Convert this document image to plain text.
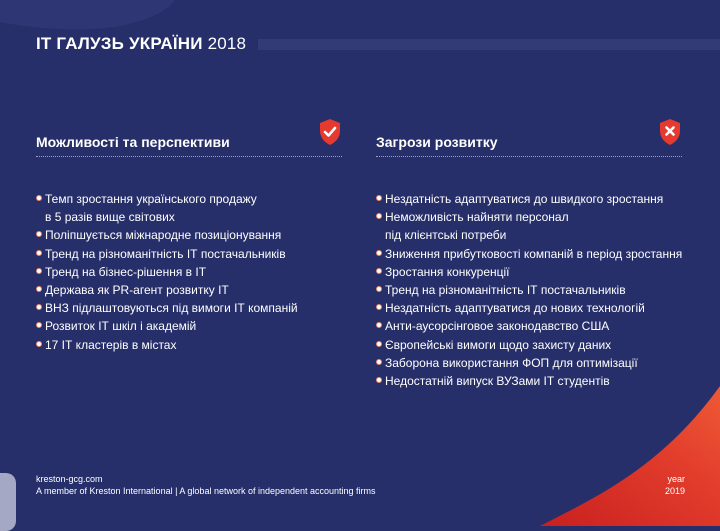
ІТ ГАЛУЗЬ УКРАЇНИ 2018
Можливості та перспективи
Темп зростання українського продажу
в 5 разів вище світових
Поліпшується міжнародне позиціонування
Тренд на різноманітність ІТ постачальників
Тренд на бізнес-рішення в ІТ
Держава як PR-агент розвитку ІТ
ВНЗ підлаштовуються під вимоги ІТ компаній
Розвиток ІТ шкіл і академій
17 ІТ кластерів в містах
Загрози розвитку
Нездатність адаптуватися до швидкого зростання
Неможливість найняти персонал
під клієнтські потреби
Зниження прибутковості компаній в період зростання
Зростання конкуренції
Тренд на різноманітність ІТ постачальників
Нездатність адаптуватися до нових технологій
Анти-аусорсінговое законодавство США
Європейські вимоги щодо захисту даних
Заборона використання ФОП для оптимізації
Недостатній випуск ВУЗами ІТ студентів
kreston-gcg.com
A member of Kreston International | A global network of independent accounting firms
year
2019
